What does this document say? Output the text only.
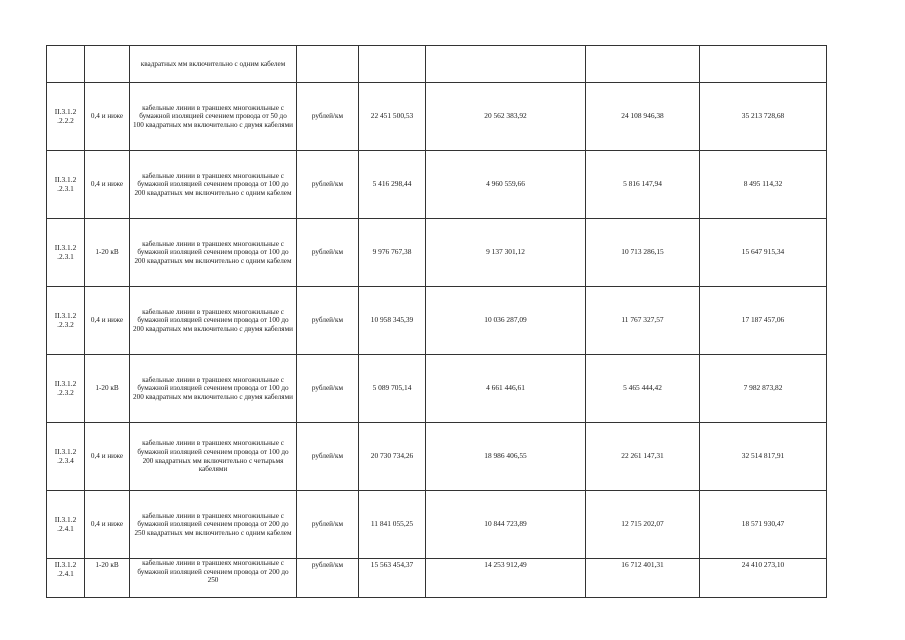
		квадратных мм включительно с одним кабелем					
II.3.1.2 .2.2.2	0,4 и ниже	кабельные линии в траншеях многожильные с бумажной изоляцией сечением провода от 50 до 100 квадратных мм включительно с двумя кабелями	рублей/км	22 451 500,53	20 562 383,92	24 108 946,38	35 213 728,68
II.3.1.2 .2.3.1	0,4 и ниже	кабельные линии в траншеях многожильные с бумажной изоляцией сечением провода от 100 до 200 квадратных мм включительно с одним кабелем	рублей/км	5 416 298,44	4 960 559,66	5 816 147,94	8 495 114,32
II.3.1.2 .2.3.1	1-20 кВ	кабельные линии в траншеях многожильные с бумажной изоляцией сечением провода от 100 до 200 квадратных мм включительно с одним кабелем	рублей/км	9 976 767,38	9 137 301,12	10 713 286,15	15 647 915,34
II.3.1.2 .2.3.2	0,4 и ниже	кабельные линии в траншеях многожильные с бумажной изоляцией сечением провода от 100 до 200 квадратных мм включительно с двумя кабелями	рублей/км	10 958 345,39	10 036 287,09	11 767 327,57	17 187 457,06
II.3.1.2 .2.3.2	1-20 кВ	кабельные линии в траншеях многожильные с бумажной изоляцией сечением провода от 100 до 200 квадратных мм включительно с двумя кабелями	рублей/км	5 089 705,14	4 661 446,61	5 465 444,42	7 982 873,82
II.3.1.2 .2.3.4	0,4 и ниже	кабельные линии в траншеях многожильные с бумажной изоляцией сечением провода от 100 до 200 квадратных мм включительно с четырьмя кабелями	рублей/км	20 730 734,26	18 986 406,55	22 261 147,31	32 514 817,91
II.3.1.2 .2.4.1	0,4 и ниже	кабельные линии в траншеях многожильные с бумажной изоляцией сечением провода от 200 до 250 квадратных мм включительно с одним кабелем	рублей/км	11 841 055,25	10 844 723,89	12 715 202,07	18 571 930,47
II.3.1.2 .2.4.1	1-20 кВ	кабельные линии в траншеях многожильные с бумажной изоляцией сечением провода от 200 до 250	рублей/км	15 563 454,37	14 253 912,49	16 712 401,31	24 410 273,10
